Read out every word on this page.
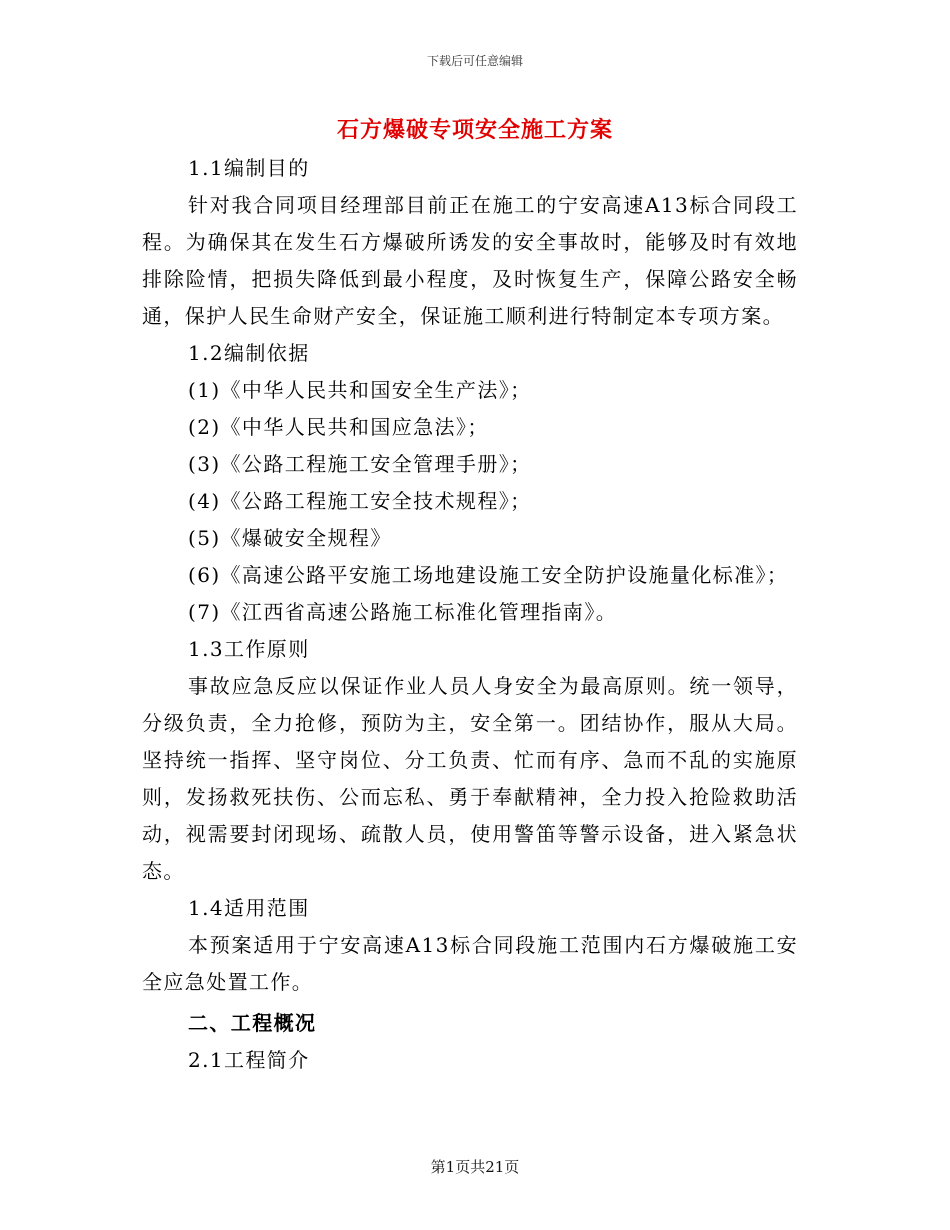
下载后可任意编辑
石方爆破专项安全施工方案

1.1编制目的

针对我合同项目经理部目前正在施工的宁安高速A13标合同段工程。为确保其在发生石方爆破所诱发的安全事故时，能够及时有效地排除险情，把损失降低到最小程度，及时恢复生产，保障公路安全畅通，保护人民生命财产安全，保证施工顺利进行特制定本专项方案。

1.2编制依据

(1)《中华人民共和国安全生产法》；

(2)《中华人民共和国应急法》；

(3)《公路工程施工安全管理手册》；

(4)《公路工程施工安全技术规程》；

(5)《爆破安全规程》

(6)《高速公路平安施工场地建设施工安全防护设施量化标准》；

(7)《江西省高速公路施工标准化管理指南》。

1.3工作原则

事故应急反应以保证作业人员人身安全为最高原则。统一领导，分级负责，全力抢修，预防为主，安全第一。团结协作，服从大局。坚持统一指挥、坚守岗位、分工负责、忙而有序、急而不乱的实施原则，发扬救死扶伤、公而忘私、勇于奉献精神，全力投入抢险救助活动，视需要封闭现场、疏散人员，使用警笛等警示设备，进入紧急状态。

1.4适用范围

本预案适用于宁安高速A13标合同段施工范围内石方爆破施工安全应急处置工作。

二、工程概况

2.1工程简介

第1页共21页
